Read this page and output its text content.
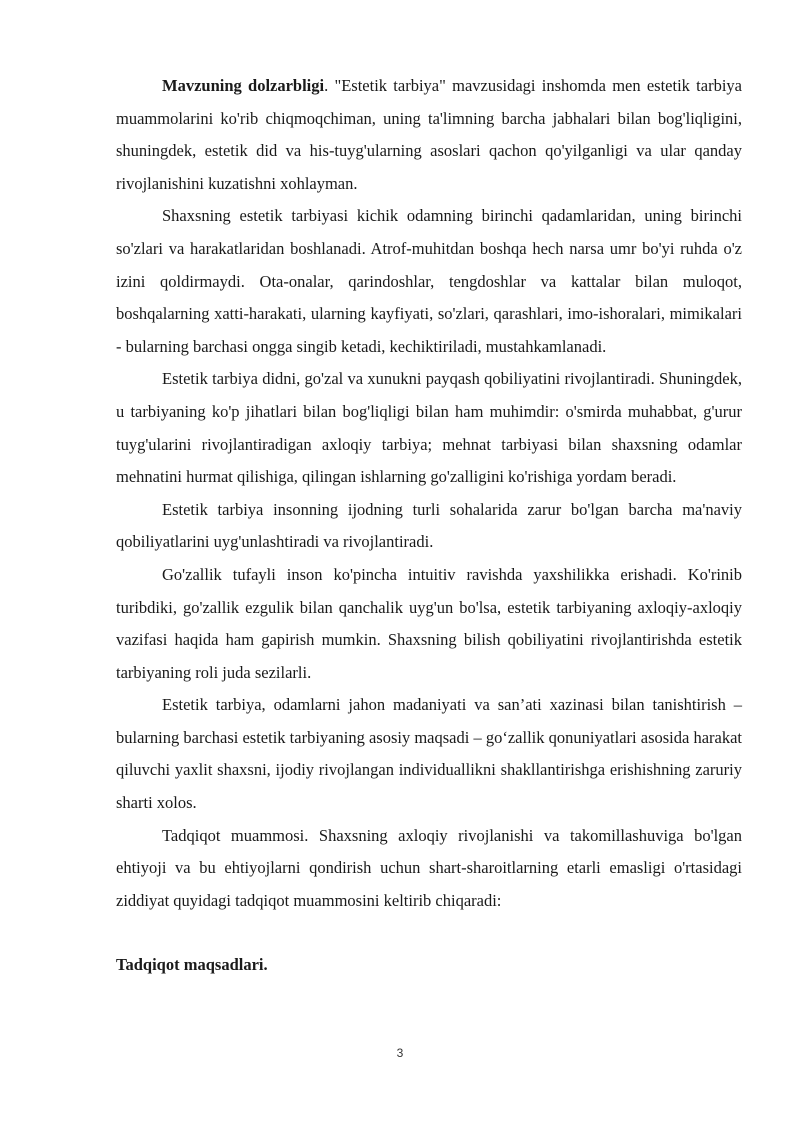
Mavzuning dolzarbligi. "Estetik tarbiya" mavzusidagi inshomda men estetik tarbiya muammolarini ko'rib chiqmoqchiman, uning ta'limning barcha jabhalari bilan bog'liqligini, shuningdek, estetik did va his-tuyg'ularning asoslari qachon qo'yilganligi va ular qanday rivojlanishini kuzatishni xohlayman.

Shaxsning estetik tarbiyasi kichik odamning birinchi qadamlaridan, uning birinchi so'zlari va harakatlaridan boshlanadi. Atrof-muhitdan boshqa hech narsa umr bo'yi ruhda o'z izini qoldirmaydi. Ota-onalar, qarindoshlar, tengdoshlar va kattalar bilan muloqot, boshqalarning xatti-harakati, ularning kayfiyati, so'zlari, qarashlari, imo-ishoralari, mimikalari - bularning barchasi ongga singib ketadi, kechiktiriladi, mustahkamlanadi.

Estetik tarbiya didni, go'zal va xunukni payqash qobiliyatini rivojlantiradi. Shuningdek, u tarbiyaning ko'p jihatlari bilan bog'liqligi bilan ham muhimdir: o'smirda muhabbat, g'urur tuyg'ularini rivojlantiradigan axloqiy tarbiya; mehnat tarbiyasi bilan shaxsning odamlar mehnatini hurmat qilishiga, qilingan ishlarning go'zalligini ko'rishiga yordam beradi.

Estetik tarbiya insonning ijodning turli sohalarida zarur bo'lgan barcha ma'naviy qobiliyatlarini uyg'unlashtiradi va rivojlantiradi.

Go'zallik tufayli inson ko'pincha intuitiv ravishda yaxshilikka erishadi. Ko'rinib turibdiki, go'zallik ezgulik bilan qanchalik uyg'un bo'lsa, estetik tarbiyaning axloqiy-axloqiy vazifasi haqida ham gapirish mumkin. Shaxsning bilish qobiliyatini rivojlantirishda estetik tarbiyaning roli juda sezilarli.

Estetik tarbiya, odamlarni jahon madaniyati va san’ati xazinasi bilan tanishtirish – bularning barchasi estetik tarbiyaning asosiy maqsadi – go‘zallik qonuniyatlari asosida harakat qiluvchi yaxlit shaxsni, ijodiy rivojlangan individuallikni shakllantirishga erishishning zaruriy sharti xolos.

Tadqiqot muammosi. Shaxsning axloqiy rivojlanishi va takomillashuviga bo'lgan ehtiyoji va bu ehtiyojlarni qondirish uchun shart-sharoitlarning etarli emasligi o'rtasidagi ziddiyat quyidagi tadqiqot muammosini keltirib chiqaradi:

Tadqiqot maqsadlari.

3
